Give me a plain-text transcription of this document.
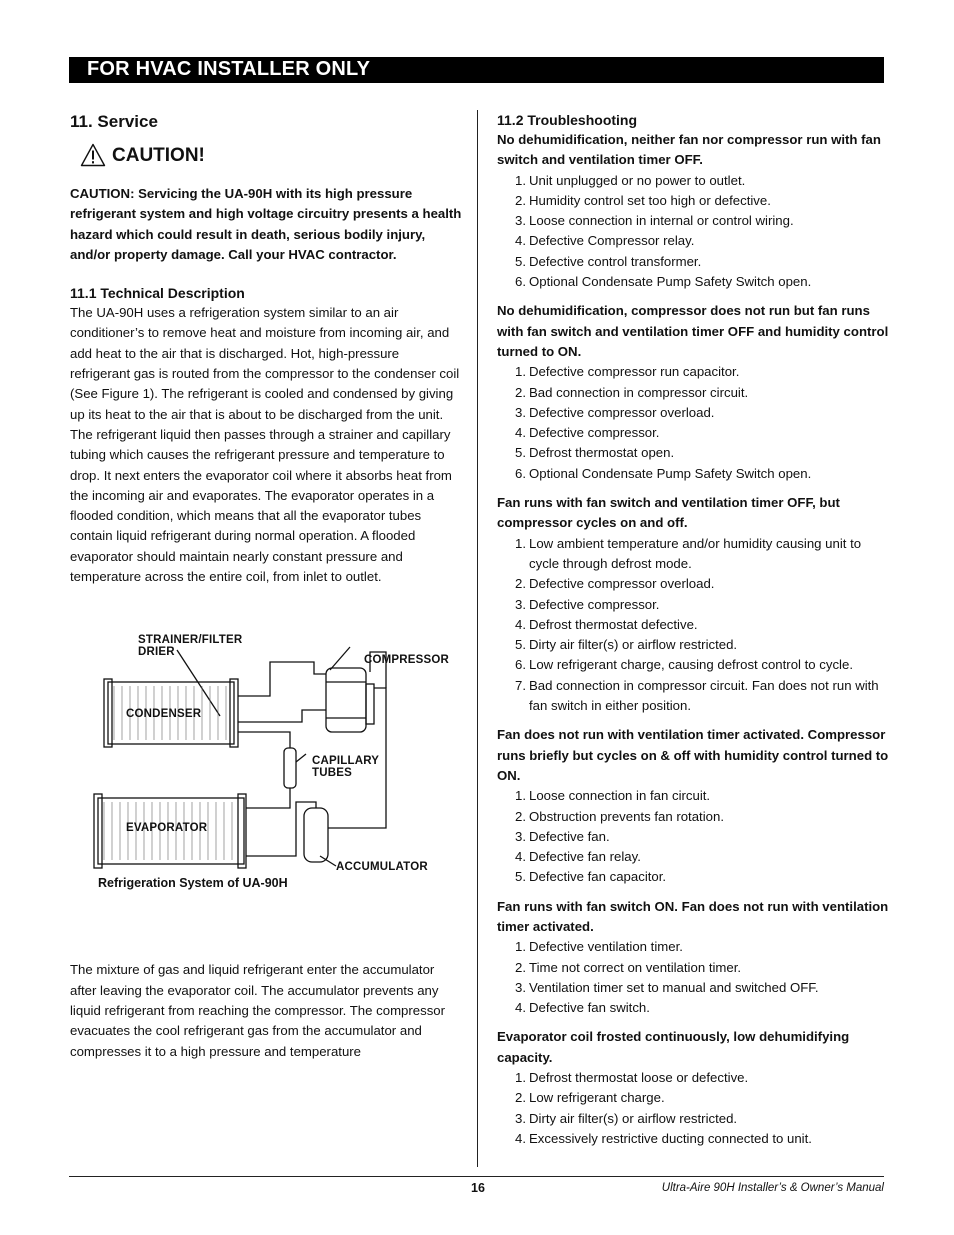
FOR HVAC INSTALLER ONLY
11. Service
CAUTION!
CAUTION: Servicing the UA-90H with its high pressure refrigerant system and high voltage circuitry presents a health hazard which could result in death, serious bodily injury, and/or property damage. Call your HVAC contractor.
11.1 Technical Description
The UA-90H uses a refrigeration system similar to an air conditioner’s to remove heat and moisture from incoming air, and add heat to the air that is discharged. Hot, high-pressure refrigerant gas is routed from the compressor to the condenser coil (See Figure 1). The refrigerant is cooled and condensed by giving up its heat to the air that is about to be discharged from the unit. The refrigerant liquid then passes through a strainer and capillary tubing which causes the refrigerant pressure and temperature to drop. It next enters the evaporator coil where it absorbs heat from the incoming air and evaporates. The evaporator operates in a flooded condition, which means that all the evaporator tubes contain liquid refrigerant during normal operation. A flooded evaporator should maintain nearly constant pressure and temperature across the entire coil, from inlet to outlet.
STRAINER/FILTER
DRIER
COMPRESSOR
CONDENSER
CAPILLARY
TUBES
EVAPORATOR
ACCUMULATOR
Refrigeration System of UA-90H
The mixture of gas and liquid refrigerant enter the accumulator after leaving the evaporator coil. The accumulator prevents any liquid refrigerant from reaching the compressor. The compressor evacuates the cool refrigerant gas from the accumulator and compresses it to a high pressure and temperature
11.2 Troubleshooting
No dehumidification, neither fan nor compressor run with fan switch and ventilation timer OFF.
1. Unit unplugged or no power to outlet.
2. Humidity control set too high or defective.
3. Loose connection in internal or control wiring.
4. Defective Compressor relay.
5. Defective control transformer.
6. Optional Condensate Pump Safety Switch open.
No dehumidification, compressor does not run but fan runs with fan switch and ventilation timer OFF and humidity control turned to ON.
1. Defective compressor run capacitor.
2. Bad connection in compressor circuit.
3. Defective compressor overload.
4. Defective compressor.
5. Defrost thermostat open.
6. Optional Condensate Pump Safety Switch open.
Fan runs with fan switch and ventilation timer OFF, but compressor cycles on and off.
1. Low ambient temperature and/or humidity causing unit to cycle through defrost mode.
2. Defective compressor overload.
3. Defective compressor.
4. Defrost thermostat defective.
5. Dirty air filter(s) or airflow restricted.
6. Low refrigerant charge, causing defrost control to cycle.
7. Bad connection in compressor circuit. Fan does not run with fan switch in either position.
Fan does not run with ventilation timer activated. Compressor runs briefly but cycles on & off with humidity control turned to ON.
1. Loose connection in fan circuit.
2. Obstruction prevents fan rotation.
3. Defective fan.
4. Defective fan relay.
5. Defective fan capacitor.
Fan runs with fan switch ON. Fan does not run with ventilation timer activated.
1. Defective ventilation timer.
2. Time not correct on ventilation timer.
3. Ventilation timer set to manual and switched OFF.
4. Defective fan switch.
Evaporator coil frosted continuously, low dehumidifying capacity.
1. Defrost thermostat loose or defective.
2. Low refrigerant charge.
3. Dirty air filter(s) or airflow restricted.
4. Excessively restrictive ducting connected to unit.
16	Ultra-Aire 90H Installer’s & Owner’s Manual
